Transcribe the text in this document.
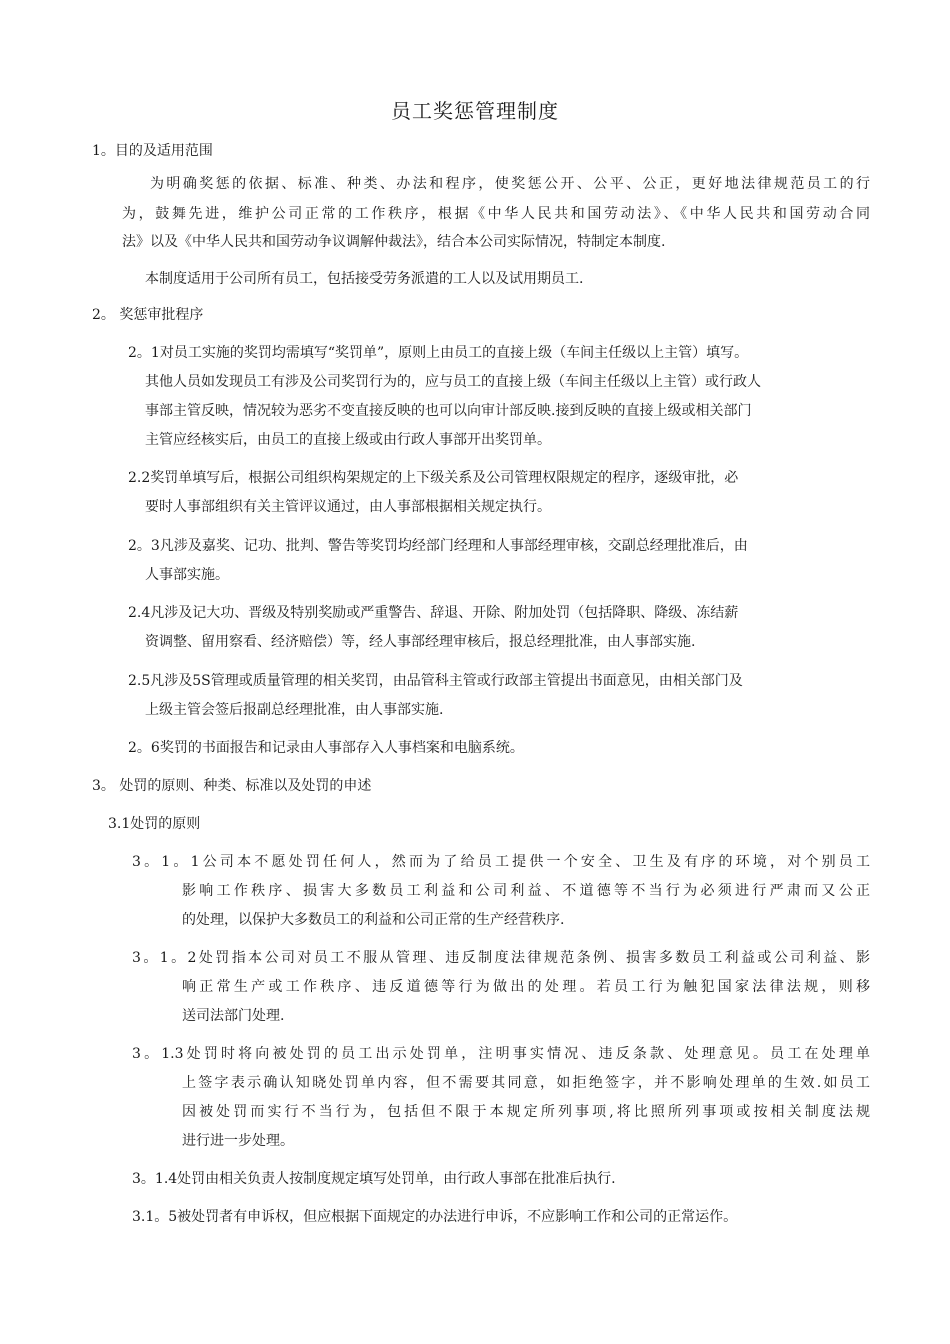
员工奖惩管理制度
1。目的及适用范围
为明确奖惩的依据、标准、种类、办法和程序，使奖惩公开、公平、公正，更好地法律规范员工的行
为，鼓舞先进，维护公司正常的工作秩序，根据《中华人民共和国劳动法》、《中华人民共和国劳动合同
法》以及《中华人民共和国劳动争议调解仲裁法》，结合本公司实际情况，特制定本制度.
本制度适用于公司所有员工，包括接受劳务派遣的工人以及试用期员工.
2。 奖惩审批程序
2。1对员工实施的奖罚均需填写“奖罚单”，原则上由员工的直接上级（车间主任级以上主管）填写。
其他人员如发现员工有涉及公司奖罚行为的，应与员工的直接上级（车间主任级以上主管）或行政人
事部主管反映，情况较为恶劣不变直接反映的也可以向审计部反映.接到反映的直接上级或相关部门
主管应经核实后，由员工的直接上级或由行政人事部开出奖罚单。
2.2奖罚单填写后，根据公司组织构架规定的上下级关系及公司管理权限规定的程序，逐级审批，必
要时人事部组织有关主管评议通过，由人事部根据相关规定执行。
2。3凡涉及嘉奖、记功、批判、警告等奖罚均经部门经理和人事部经理审核，交副总经理批准后，由
人事部实施。
2.4凡涉及记大功、晋级及特别奖励或严重警告、辞退、开除、附加处罚（包括降职、降级、冻结薪
资调整、留用察看、经济赔偿）等，经人事部经理审核后，报总经理批准，由人事部实施.
2.5凡涉及5S管理或质量管理的相关奖罚，由品管科主管或行政部主管提出书面意见，由相关部门及
上级主管会签后报副总经理批准，由人事部实施.
2。6奖罚的书面报告和记录由人事部存入人事档案和电脑系统。
3。 处罚的原则、种类、标准以及处罚的申述
3.1处罚的原则
3。1。1公司本不愿处罚任何人，然而为了给员工提供一个安全、卫生及有序的环境，对个别员工
影响工作秩序、损害大多数员工利益和公司利益、不道德等不当行为必须进行严肃而又公正
的处理，以保护大多数员工的利益和公司正常的生产经营秩序.
3。1。2处罚指本公司对员工不服从管理、违反制度法律规范条例、损害多数员工利益或公司利益、影
响正常生产或工作秩序、违反道德等行为做出的处理。若员工行为触犯国家法律法规，则移
送司法部门处理.
3。1.3处罚时将向被处罚的员工出示处罚单，注明事实情况、违反条款、处理意见。员工在处理单
上签字表示确认知晓处罚单内容，但不需要其同意，如拒绝签字，并不影响处理单的生效.如员工
因被处罚而实行不当行为，包括但不限于本规定所列事项,将比照所列事项或按相关制度法规
进行进一步处理。
3。1.4处罚由相关负责人按制度规定填写处罚单，由行政人事部在批准后执行.
3.1。5被处罚者有申诉权，但应根据下面规定的办法进行申诉，不应影响工作和公司的正常运作。
